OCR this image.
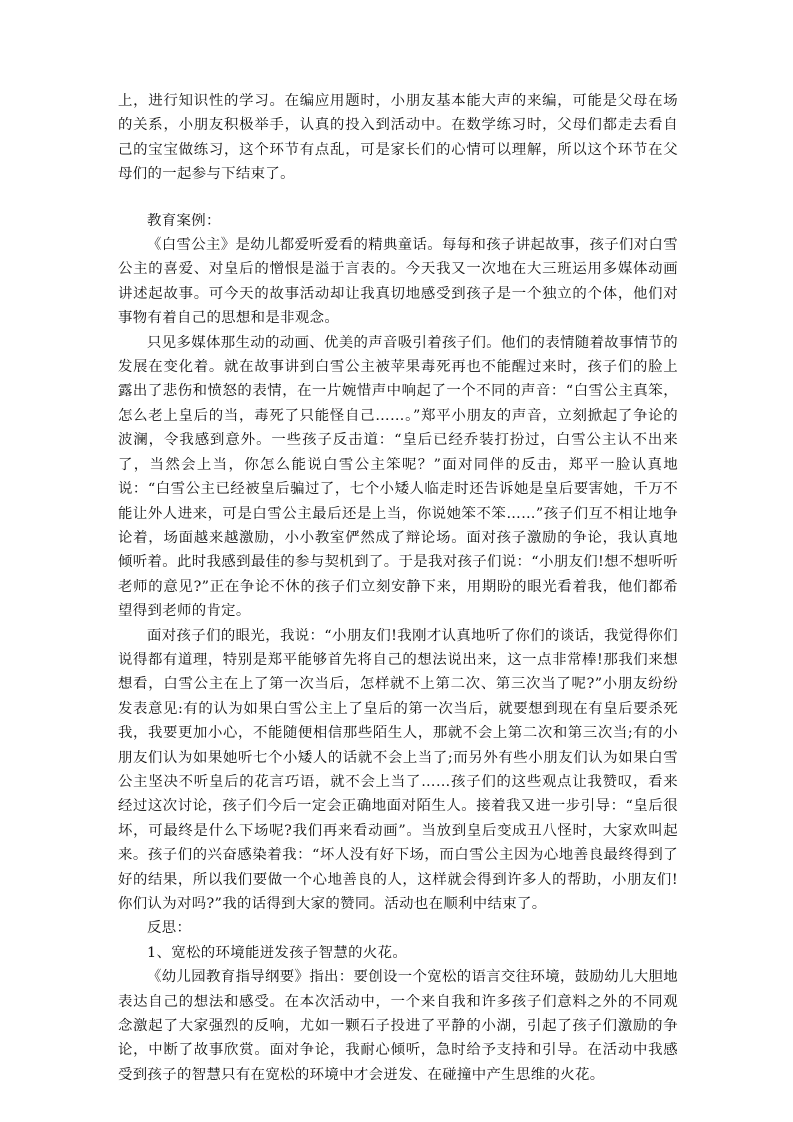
上，进行知识性的学习。在编应用题时，小朋友基本能大声的来编，可能是父母在场的关系，小朋友积极举手，认真的投入到活动中。在数学练习时，父母们都走去看自己的宝宝做练习，这个环节有点乱，可是家长们的心情可以理解，所以这个环节在父母们的一起参与下结束了。

教育案例：

《白雪公主》是幼儿都爱听爱看的精典童话。每每和孩子讲起故事，孩子们对白雪公主的喜爱、对皇后的憎恨是溢于言表的。今天我又一次地在大三班运用多媒体动画讲述起故事。可今天的故事活动却让我真切地感受到孩子是一个独立的个体，他们对事物有着自己的思想和是非观念。

只见多媒体那生动的动画、优美的声音吸引着孩子们。他们的表情随着故事情节的发展在变化着。就在故事讲到白雪公主被苹果毒死再也不能醒过来时，孩子们的脸上露出了悲伤和愤怒的表情，在一片婉惜声中响起了一个不同的声音：“白雪公主真笨，怎么老上皇后的当，毒死了只能怪自己……。”郑平小朋友的声音，立刻掀起了争论的波澜，令我感到意外。一些孩子反击道：“皇后已经乔装打扮过，白雪公主认不出来了，当然会上当，你怎么能说白雪公主笨呢？”面对同伴的反击，郑平一脸认真地说：“白雪公主已经被皇后骗过了，七个小矮人临走时还告诉她是皇后要害她，千万不能让外人进来，可是白雪公主最后还是上当，你说她笨不笨……”孩子们互不相让地争论着，场面越来越激励，小小教室俨然成了辩论场。面对孩子激励的争论，我认真地倾听着。此时我感到最佳的参与契机到了。于是我对孩子们说：“小朋友们!想不想听听老师的意见?”正在争论不休的孩子们立刻安静下来，用期盼的眼光看着我，他们都希望得到老师的肯定。

面对孩子们的眼光，我说：“小朋友们!我刚才认真地听了你们的谈话，我觉得你们说得都有道理，特别是郑平能够首先将自己的想法说出来，这一点非常棒!那我们来想想看，白雪公主在上了第一次当后，怎样就不上第二次、第三次当了呢?”小朋友纷纷发表意见:有的认为如果白雪公主上了皇后的第一次当后，就要想到现在有皇后要杀死我，我要更加小心，不能随便相信那些陌生人，那就不会上第二次和第三次当;有的小朋友们认为如果她听七个小矮人的话就不会上当了;而另外有些小朋友们认为如果白雪公主坚决不听皇后的花言巧语，就不会上当了……孩子们的这些观点让我赞叹，看来经过这次讨论，孩子们今后一定会正确地面对陌生人。接着我又进一步引导：“皇后很坏，可最终是什么下场呢?我们再来看动画”。当放到皇后变成丑八怪时，大家欢叫起来。孩子们的兴奋感染着我：“坏人没有好下场，而白雪公主因为心地善良最终得到了好的结果，所以我们要做一个心地善良的人，这样就会得到许多人的帮助，小朋友们!你们认为对吗?”我的话得到大家的赞同。活动也在顺利中结束了。

反思：

1、宽松的环境能迸发孩子智慧的火花。

《幼儿园教育指导纲要》指出：要创设一个宽松的语言交往环境，鼓励幼儿大胆地表达自己的想法和感受。在本次活动中，一个来自我和许多孩子们意料之外的不同观念激起了大家强烈的反响，尤如一颗石子投进了平静的小湖，引起了孩子们激励的争论，中断了故事欣赏。面对争论，我耐心倾听，急时给予支持和引导。在活动中我感受到孩子的智慧只有在宽松的环境中才会迸发、在碰撞中产生思维的火花。
